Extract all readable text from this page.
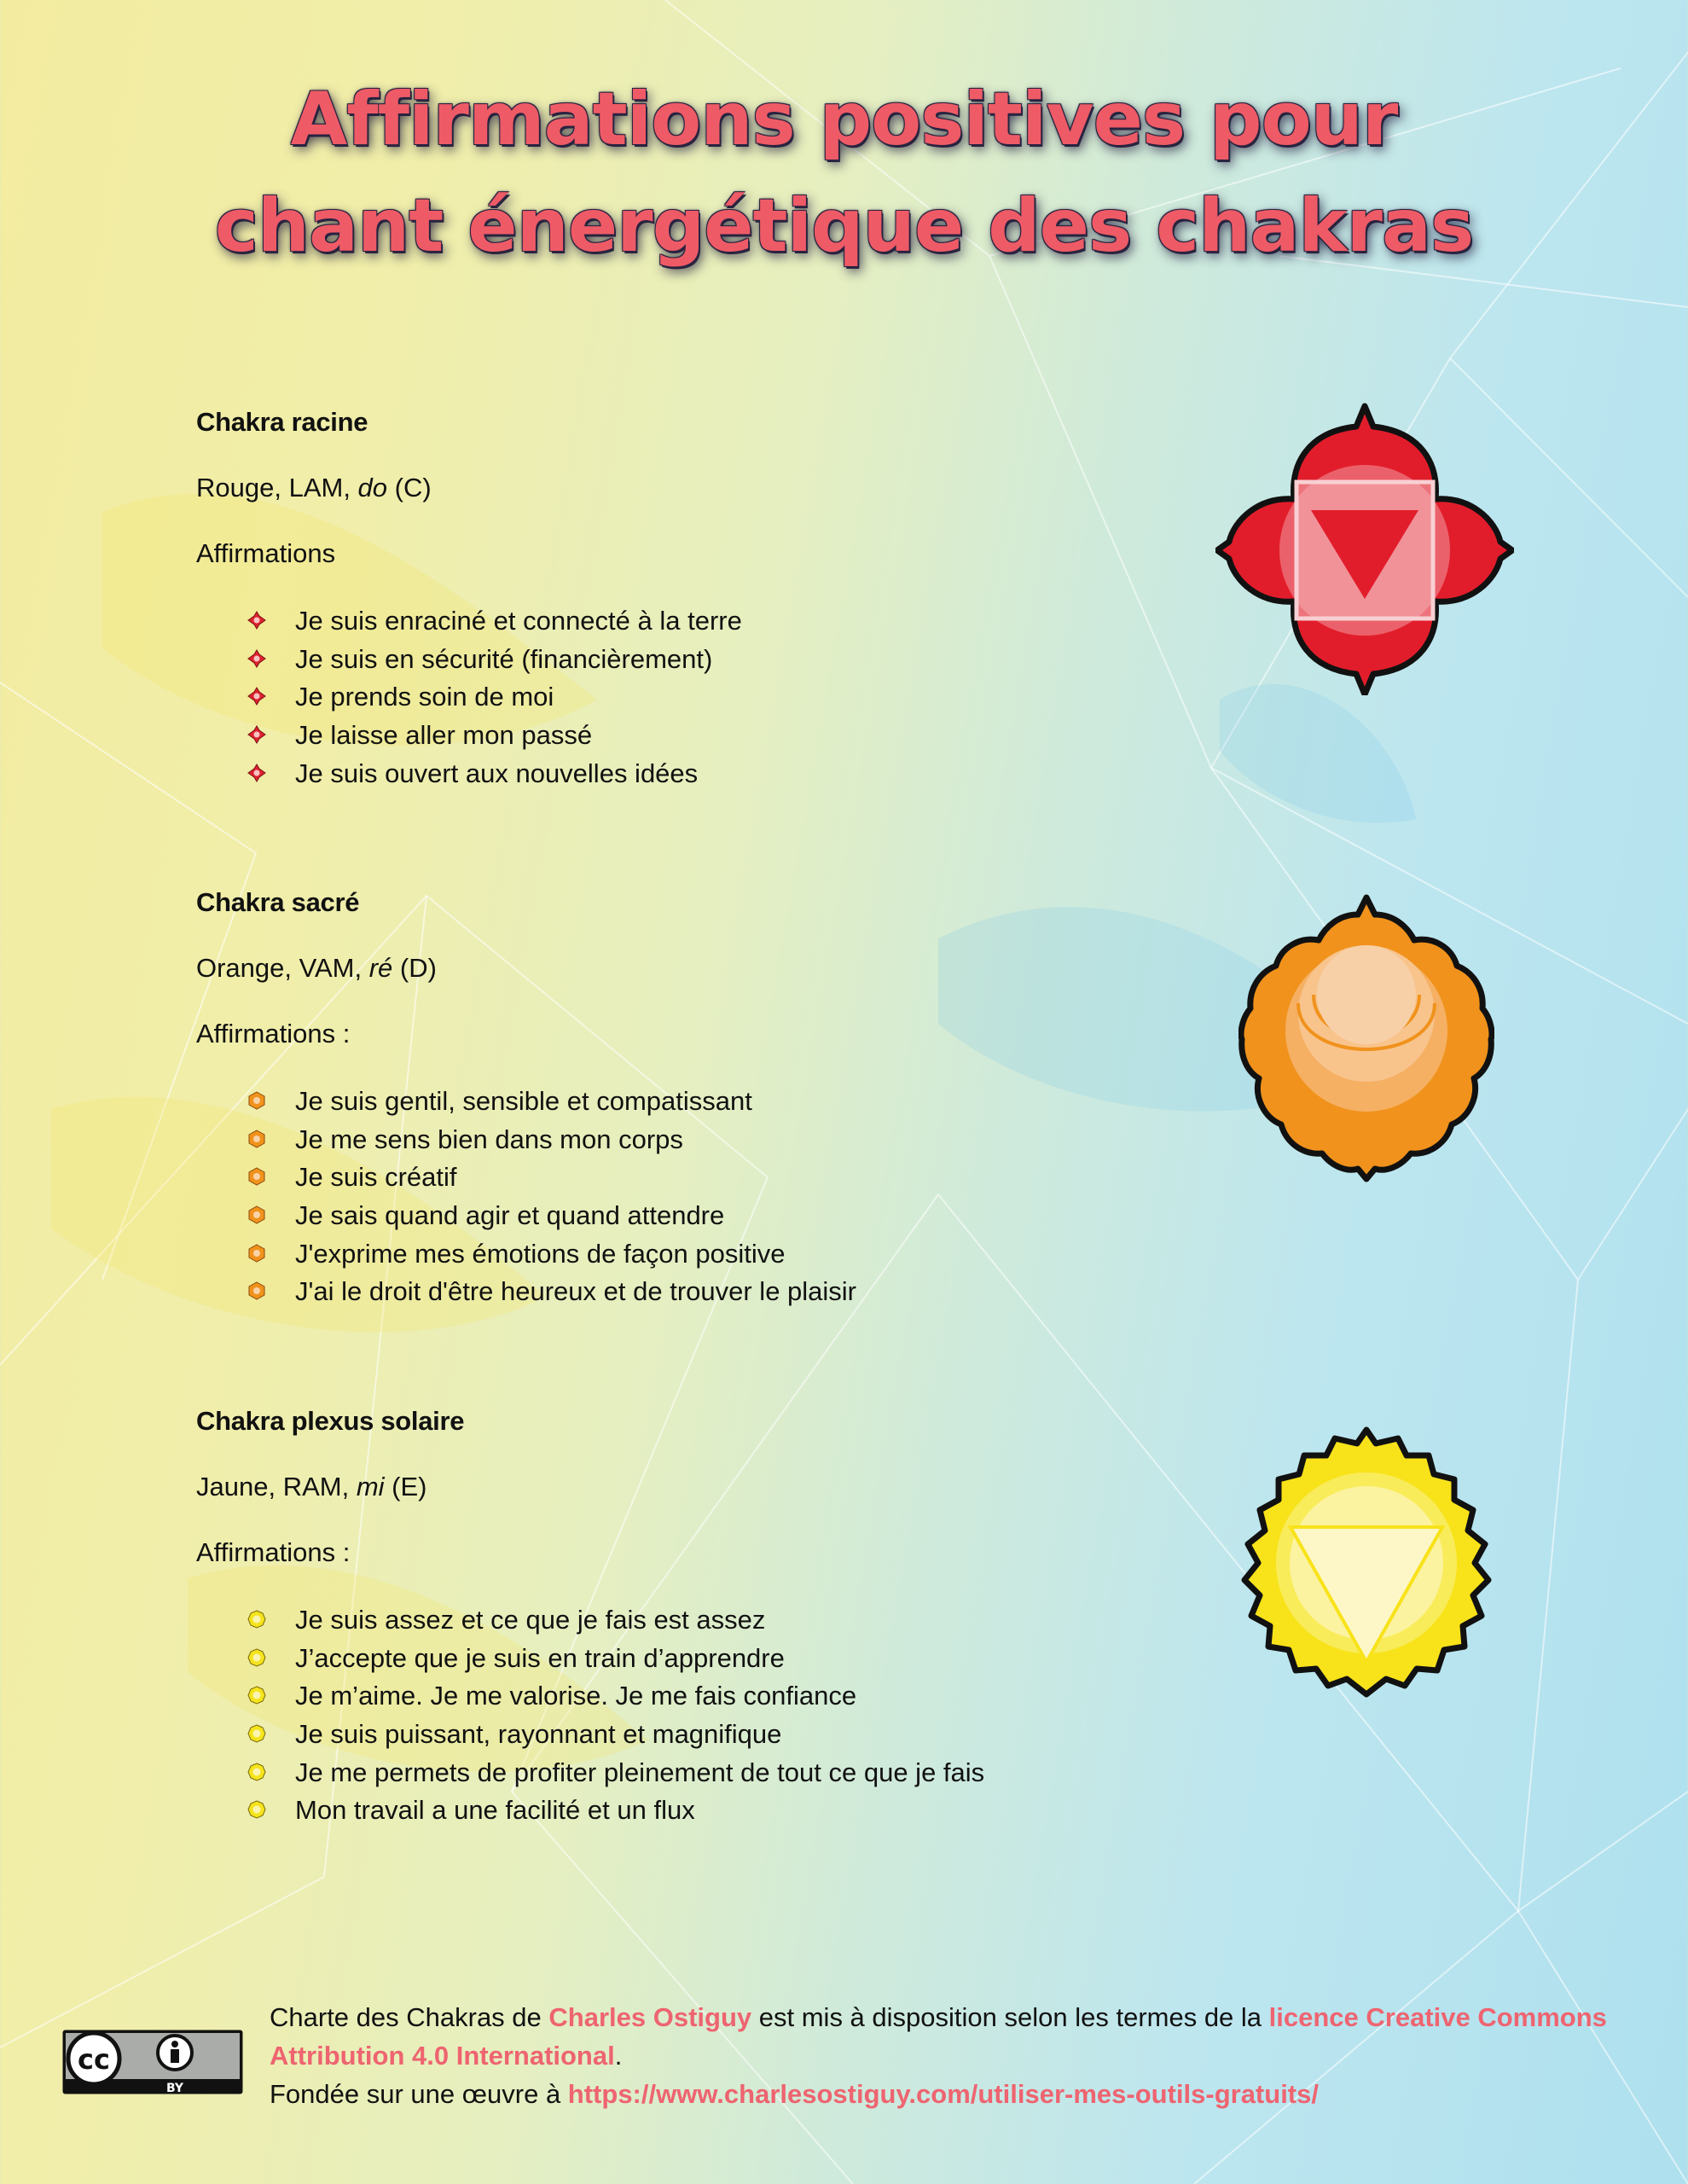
Affirmations positives pour
chant énergétique des chakras
Chakra racine
Rouge, LAM, do (C)
Affirmations
Je suis enraciné et connecté à la terre
Je suis en sécurité (financièrement)
Je prends soin de moi
Je laisse aller mon passé
Je suis ouvert aux nouvelles idées
Chakra sacré
Orange, VAM, ré (D)
Affirmations :
Je suis gentil, sensible et compatissant
Je me sens bien dans mon corps
Je suis créatif
Je sais quand agir et quand attendre
J'exprime mes émotions de façon positive
J'ai le droit d'être heureux et de trouver le plaisir
Chakra plexus solaire
Jaune, RAM, mi (E)
Affirmations :
Je suis assez et ce que je fais est assez
J’accepte que je suis en train d’apprendre
Je m’aime. Je me valorise. Je me fais confiance
Je suis puissant, rayonnant et magnifique
Je me permets de profiter pleinement de tout ce que je fais
Mon travail a une facilité et un flux
cc
BY
Charte des Chakras de Charles Ostiguy est mis à disposition selon les termes de la licence Creative Commons Attribution 4.0 International.
Fondée sur une œuvre à https://www.charlesostiguy.com/utiliser-mes-outils-gratuits/
